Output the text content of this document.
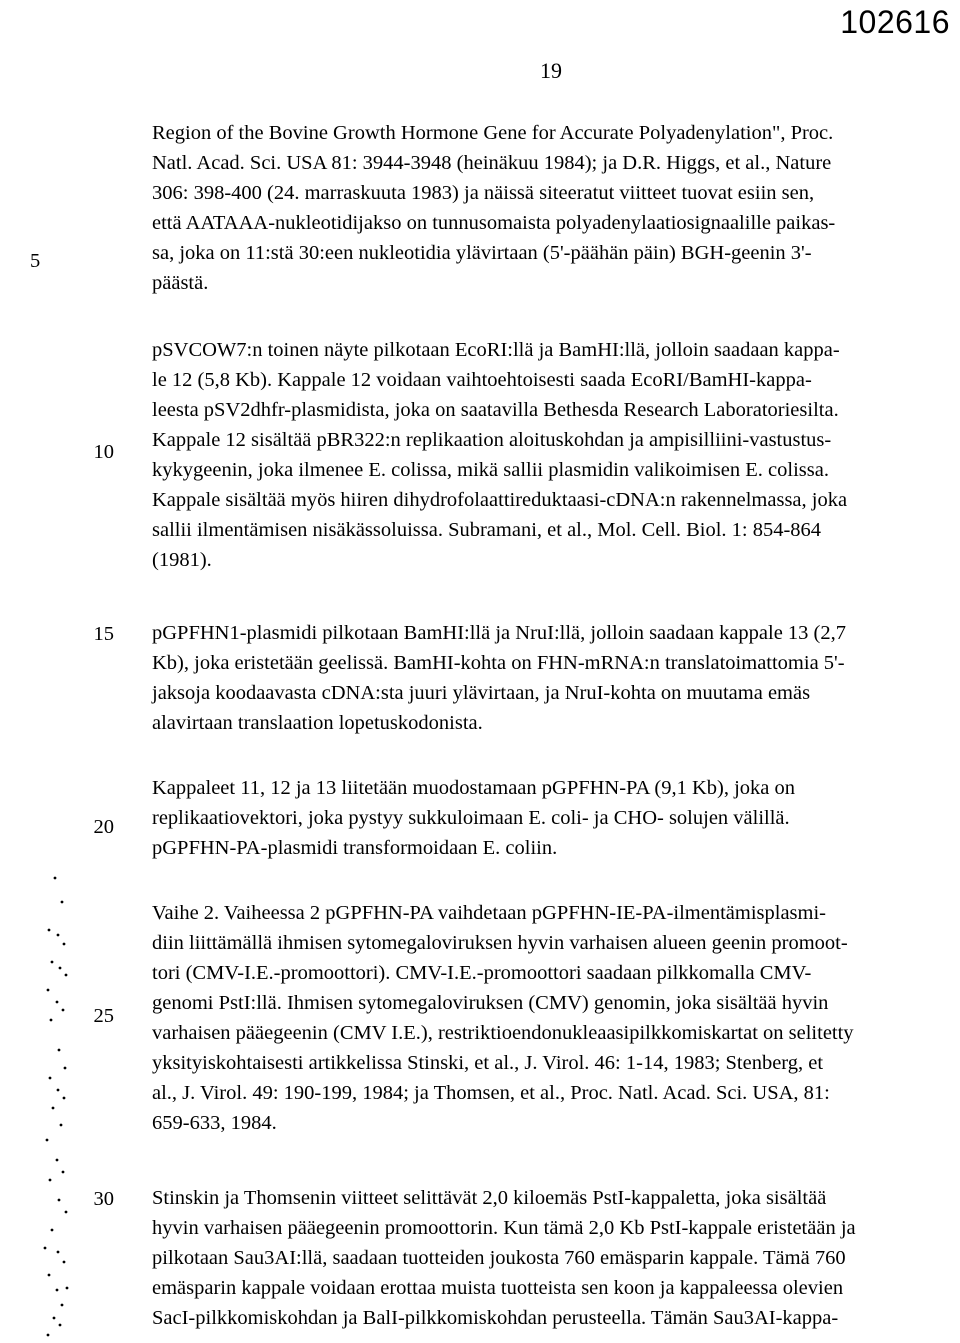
102616
19
5
10
15
20
25
30
Region of the Bovine Growth Hormone Gene for Accurate Polyadenylation", Proc.
Natl. Acad. Sci. USA 81: 3944-3948 (heinäkuu 1984); ja D.R. Higgs, et al., Nature
306: 398-400 (24. marraskuuta 1983) ja näissä siteeratut viitteet tuovat esiin sen,
että AATAAA-nukleotidijakso on tunnusomaista polyadenylaatiosignaalille paikas-
sa, joka on 11:stä 30:een nukleotidia ylävirtaan (5'-päähän päin) BGH-geenin 3'-
päästä.
pSVCOW7:n toinen näyte pilkotaan EcoRI:llä ja BamHI:llä, jolloin saadaan kappa-
le 12 (5,8 Kb). Kappale 12 voidaan vaihtoehtoisesti saada EcoRI/BamHI-kappa-
leesta pSV2dhfr-plasmidista, joka on saatavilla Bethesda Research Laboratoriesilta.
Kappale 12 sisältää pBR322:n replikaation aloituskohdan ja ampisilliini-vastustus-
kykygeenin, joka ilmenee E. colissa, mikä sallii plasmidin valikoimisen E. colissa.
Kappale sisältää myös hiiren dihydrofolaattireduktaasi-cDNA:n rakennelmassa, joka
sallii ilmentämisen nisäkässoluissa. Subramani, et al., Mol. Cell. Biol. 1: 854-864
(1981).
pGPFHN1-plasmidi pilkotaan BamHI:llä ja NruI:llä, jolloin saadaan kappale 13 (2,7
Kb), joka eristetään geelissä. BamHI-kohta on FHN-mRNA:n translatoimattomia 5'-
jaksoja koodaavasta cDNA:sta juuri ylävirtaan, ja NruI-kohta on muutama emäs
alavirtaan translaation lopetuskodonista.
Kappaleet 11, 12 ja 13 liitetään muodostamaan pGPFHN-PA (9,1 Kb), joka on
replikaatiovektori, joka pystyy sukkuloimaan E. coli- ja CHO- solujen välillä.
pGPFHN-PA-plasmidi transformoidaan E. coliin.
Vaihe 2. Vaiheessa 2 pGPFHN-PA vaihdetaan pGPFHN-IE-PA-ilmentämisplasmi-
diin liittämällä ihmisen sytomegaloviruksen hyvin varhaisen alueen geenin promoot-
tori (CMV-I.E.-promoottori). CMV-I.E.-promoottori saadaan pilkkomalla CMV-
genomi PstI:llä. Ihmisen sytomegaloviruksen (CMV) genomin, joka sisältää hyvin
varhaisen pääegeenin (CMV I.E.), restriktioendonukleaasipilkkomiskartat on selitetty
yksityiskohtaisesti artikkelissa Stinski, et al., J. Virol. 46: 1-14, 1983; Stenberg, et
al., J. Virol. 49: 190-199, 1984; ja Thomsen, et al., Proc. Natl. Acad. Sci. USA, 81:
659-633, 1984.
Stinskin ja Thomsenin viitteet selittävät 2,0 kiloemäs PstI-kappaletta, joka sisältää
hyvin varhaisen pääegeenin promoottorin. Kun tämä 2,0 Kb PstI-kappale eristetään ja
pilkotaan Sau3AI:llä, saadaan tuotteiden joukosta 760 emäsparin kappale. Tämä 760
emäsparin kappale voidaan erottaa muista tuotteista sen koon ja kappaleessa olevien
SacI-pilkkomiskohdan ja BalI-pilkkomiskohdan perusteella. Tämän Sau3AI-kappa-
